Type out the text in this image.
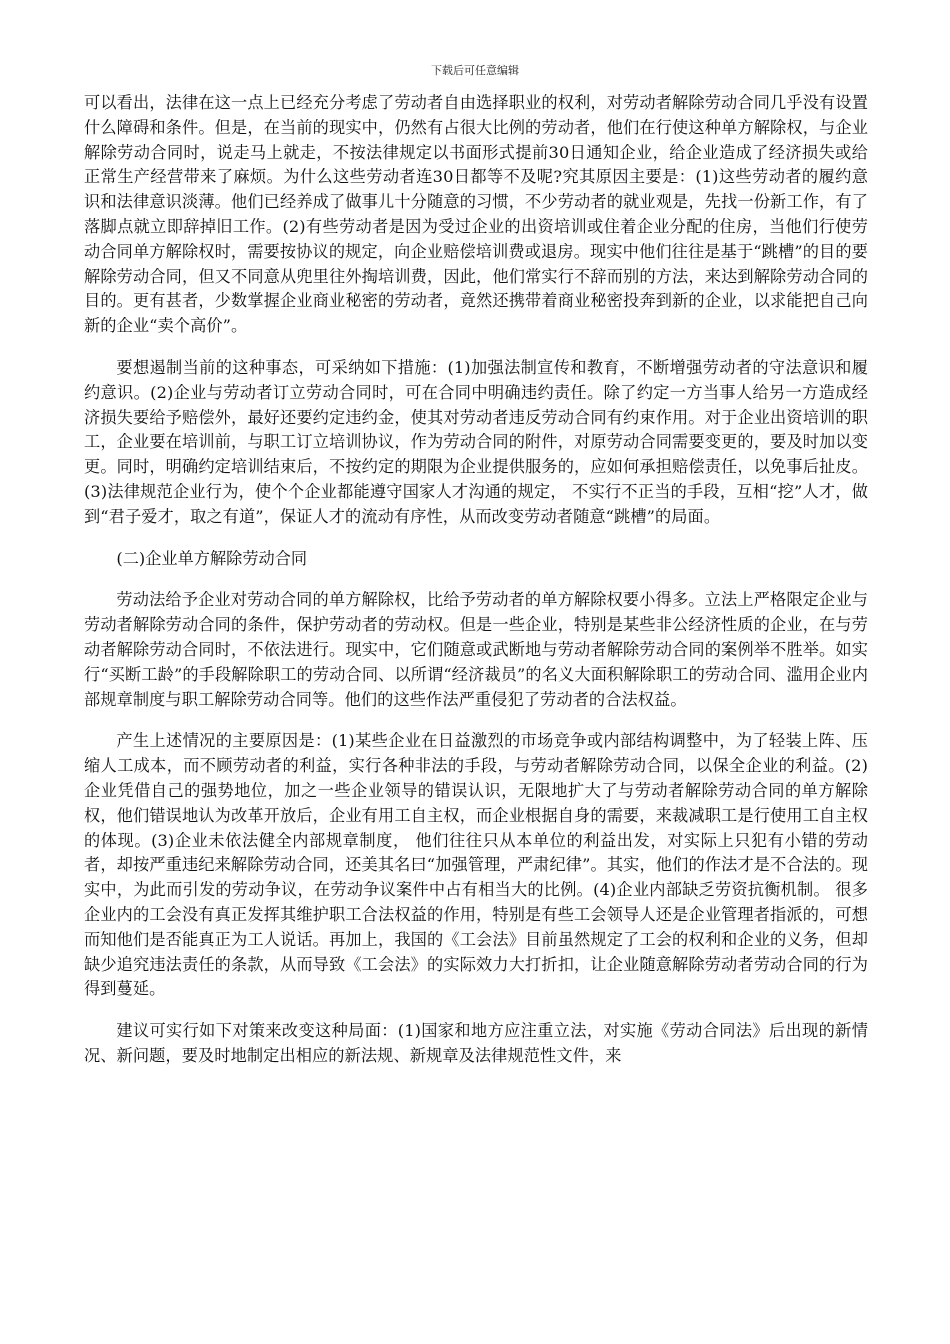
下载后可任意编辑

可以看出，法律在这一点上已经充分考虑了劳动者自由选择职业的权利，对劳动者解除劳动合同几乎没有设置什么障碍和条件。但是，在当前的现实中，仍然有占很大比例的劳动者，他们在行使这种单方解除权，与企业解除劳动合同时，说走马上就走，不按法律规定以书面形式提前30日通知企业，给企业造成了经济损失或给正常生产经营带来了麻烦。为什么这些劳动者连30日都等不及呢?究其原因主要是：(1)这些劳动者的履约意识和法律意识淡薄。他们已经养成了做事儿十分随意的习惯，不少劳动者的就业观是，先找一份新工作，有了落脚点就立即辞掉旧工作。(2)有些劳动者是因为受过企业的出资培训或住着企业分配的住房，当他们行使劳动合同单方解除权时，需要按协议的规定，向企业赔偿培训费或退房。现实中他们往往是基于“跳槽”的目的要解除劳动合同，但又不同意从兜里往外掏培训费，因此，他们常实行不辞而别的方法，来达到解除劳动合同的目的。更有甚者，少数掌握企业商业秘密的劳动者，竟然还携带着商业秘密投奔到新的企业，以求能把自己向新的企业“卖个高价”。

要想遏制当前的这种事态，可采纳如下措施：(1)加强法制宣传和教育，不断增强劳动者的守法意识和履约意识。(2)企业与劳动者订立劳动合同时，可在合同中明确违约责任。除了约定一方当事人给另一方造成经济损失要给予赔偿外，最好还要约定违约金，使其对劳动者违反劳动合同有约束作用。对于企业出资培训的职工，企业要在培训前，与职工订立培训协议，作为劳动合同的附件，对原劳动合同需要变更的，要及时加以变更。同时，明确约定培训结束后，不按约定的期限为企业提供服务的，应如何承担赔偿责任，以免事后扯皮。(3)法律规范企业行为，使个个企业都能遵守国家人才沟通的规定， 不实行不正当的手段，互相“挖”人才，做到“君子爱才，取之有道”，保证人才的流动有序性，从而改变劳动者随意“跳槽”的局面。

(二)企业单方解除劳动合同

劳动法给予企业对劳动合同的单方解除权，比给予劳动者的单方解除权要小得多。立法上严格限定企业与劳动者解除劳动合同的条件，保护劳动者的劳动权。但是一些企业，特别是某些非公经济性质的企业，在与劳动者解除劳动合同时，不依法进行。现实中，它们随意或武断地与劳动者解除劳动合同的案例举不胜举。如实行“买断工龄”的手段解除职工的劳动合同、以所谓“经济裁员”的名义大面积解除职工的劳动合同、滥用企业内部规章制度与职工解除劳动合同等。他们的这些作法严重侵犯了劳动者的合法权益。

产生上述情况的主要原因是：(1)某些企业在日益激烈的市场竞争或内部结构调整中，为了轻装上阵、压缩人工成本，而不顾劳动者的利益，实行各种非法的手段，与劳动者解除劳动合同，以保全企业的利益。(2)企业凭借自己的强势地位，加之一些企业领导的错误认识，无限地扩大了与劳动者解除劳动合同的单方解除权，他们错误地认为改革开放后，企业有用工自主权，而企业根据自身的需要，来裁减职工是行使用工自主权的体现。(3)企业未依法健全内部规章制度， 他们往往只从本单位的利益出发，对实际上只犯有小错的劳动者，却按严重违纪来解除劳动合同，还美其名曰“加强管理，严肃纪律”。其实，他们的作法才是不合法的。现实中，为此而引发的劳动争议，在劳动争议案件中占有相当大的比例。(4)企业内部缺乏劳资抗衡机制。 很多企业内的工会没有真正发挥其维护职工合法权益的作用，特别是有些工会领导人还是企业管理者指派的，可想而知他们是否能真正为工人说话。再加上，我国的《工会法》目前虽然规定了工会的权利和企业的义务，但却缺少追究违法责任的条款，从而导致《工会法》的实际效力大打折扣，让企业随意解除劳动者劳动合同的行为得到蔓延。

建议可实行如下对策来改变这种局面：(1)国家和地方应注重立法，对实施《劳动合同法》后出现的新情况、新问题，要及时地制定出相应的新法规、新规章及法律规范性文件，来
